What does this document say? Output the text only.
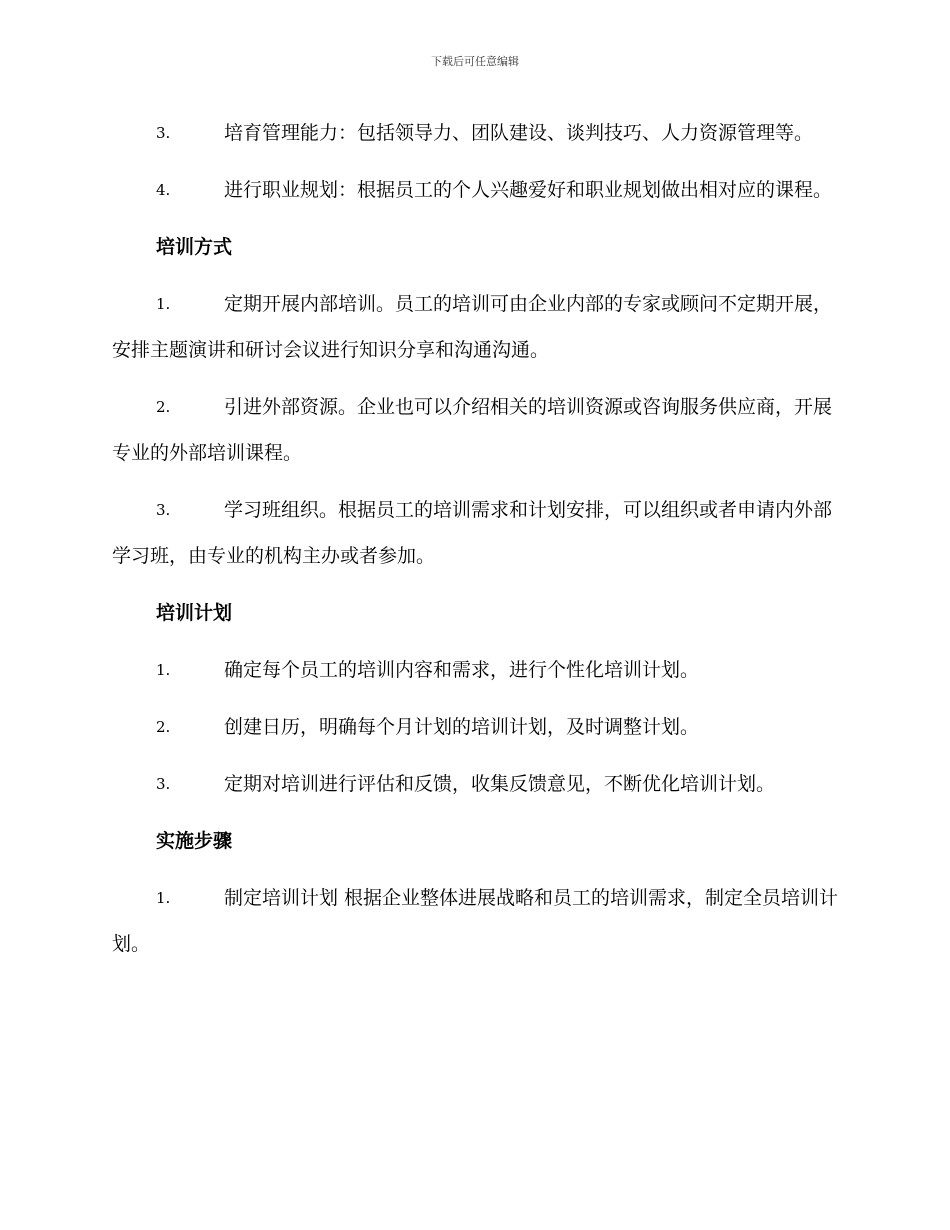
下载后可任意编辑
3.	培育管理能力：包括领导力、团队建设、谈判技巧、人力资源管理等。
4.	进行职业规划：根据员工的个人兴趣爱好和职业规划做出相对应的课程。
培训方式
1.	定期开展内部培训。员工的培训可由企业内部的专家或顾问不定期开展，安排主题演讲和研讨会议进行知识分享和沟通沟通。
2.	引进外部资源。企业也可以介绍相关的培训资源或咨询服务供应商，开展专业的外部培训课程。
3.	学习班组织。根据员工的培训需求和计划安排，可以组织或者申请内外部学习班，由专业的机构主办或者参加。
培训计划
1.	确定每个员工的培训内容和需求，进行个性化培训计划。
2.	创建日历，明确每个月计划的培训计划，及时调整计划。
3.	定期对培训进行评估和反馈，收集反馈意见，不断优化培训计划。
实施步骤
1.	制定培训计划 根据企业整体进展战略和员工的培训需求，制定全员培训计划。
